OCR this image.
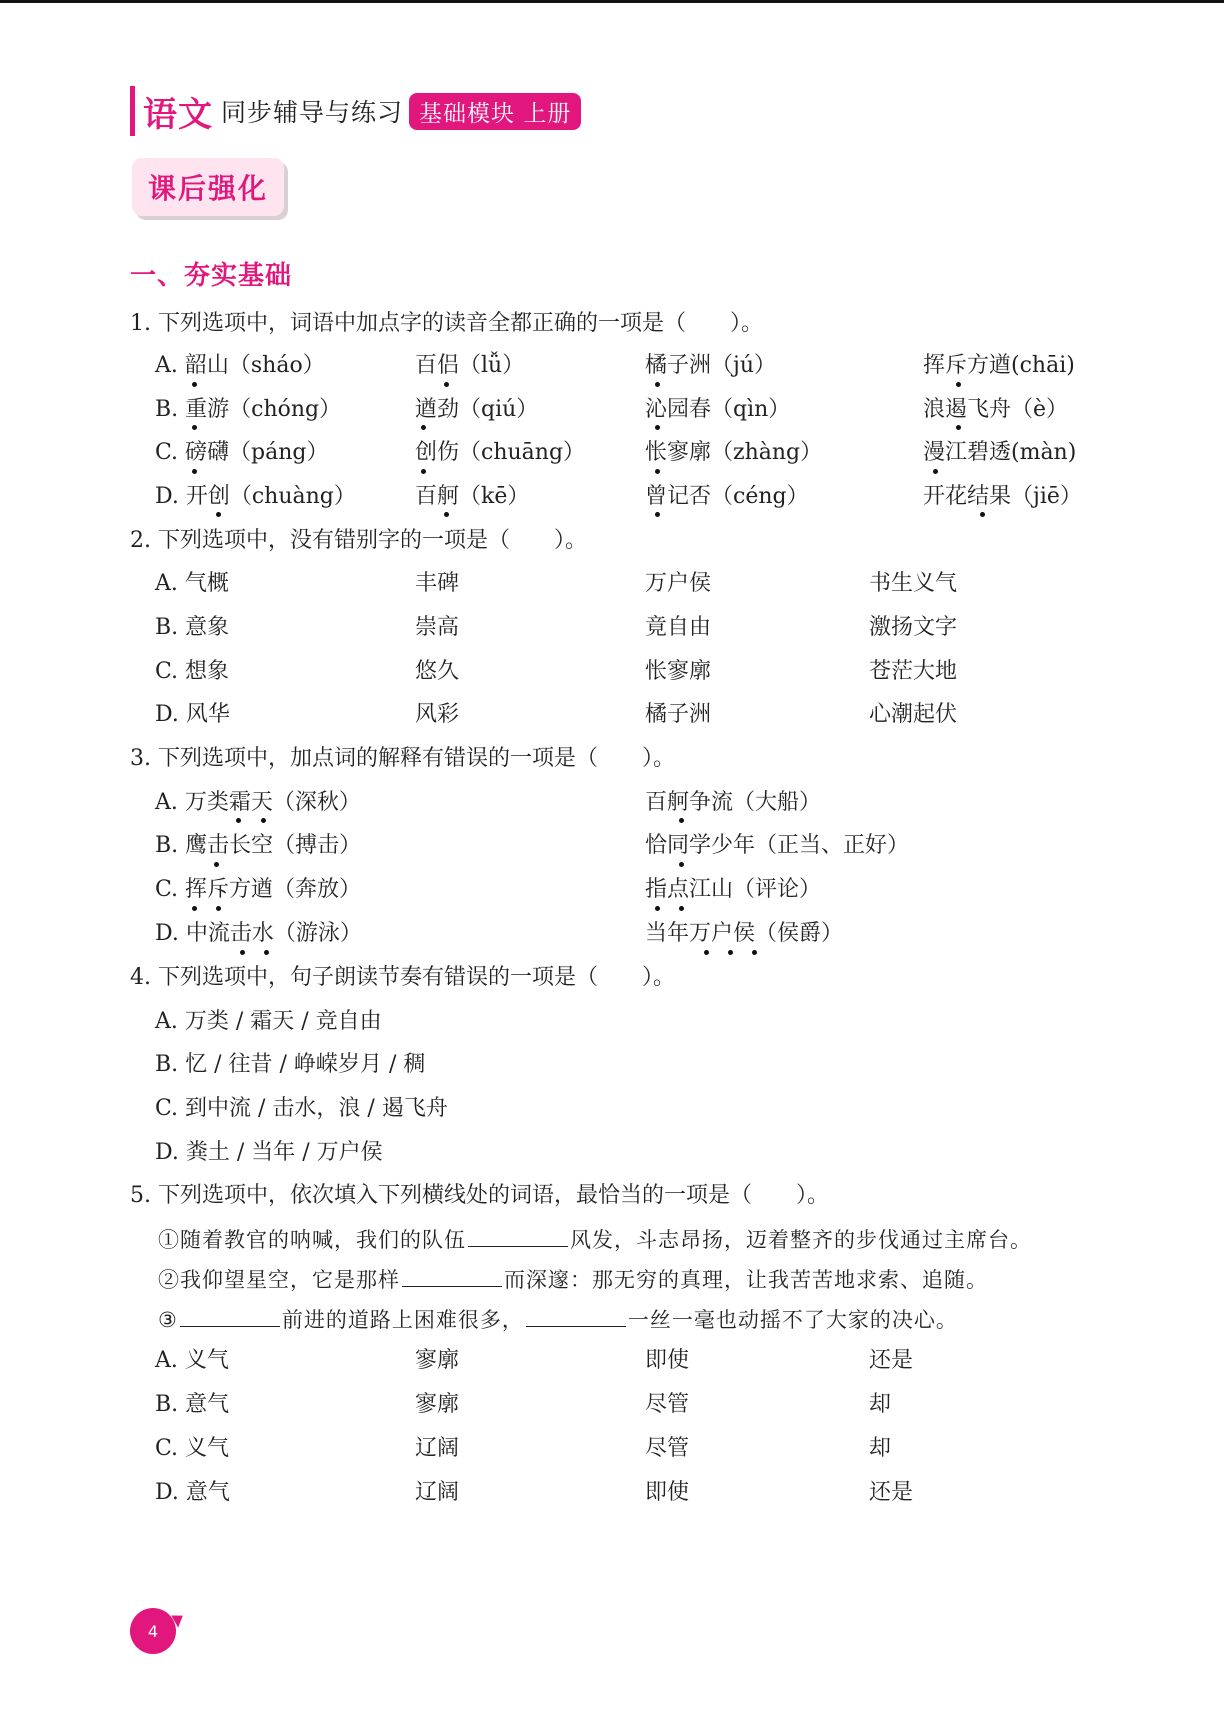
语文 同步辅导与练习 基础模块 上册
课后强化
一、夯实基础
1. 下列选项中，词语中加点字的读音全都正确的一项是（　　）。
A. 韶山（sháo）	百侣（lǚ）	橘子洲（jú）	挥斥方遒(chāi)
B. 重游（chóng）	遒劲（qiú）	沁园春（qìn）	浪遏飞舟（è）
C. 磅礴（páng）	创伤（chuāng）	怅寥廓（zhàng）	漫江碧透(màn)
D. 开创（chuàng）	百舸（kē）	曾记否（céng）	开花结果（jiē）
2. 下列选项中，没有错别字的一项是（　　）。
A. 气概	丰碑	万户侯	书生义气
B. 意象	崇高	竟自由	激扬文字
C. 想象	悠久	怅寥廓	苍茫大地
D. 风华	风彩	橘子洲	心潮起伏
3. 下列选项中，加点词的解释有错误的一项是（　　）。
A. 万类霜天（深秋）	百舸争流（大船）
B. 鹰击长空（搏击）	恰同学少年（正当、正好）
C. 挥斥方遒（奔放）	指点江山（评论）
D. 中流击水（游泳）	当年万户侯（侯爵）
4. 下列选项中，句子朗读节奏有错误的一项是（　　）。
A. 万类 / 霜天 / 竞自由
B. 忆 / 往昔 / 峥嵘岁月 / 稠
C. 到中流 / 击水，浪 / 遏飞舟
D. 粪土 / 当年 / 万户侯
5. 下列选项中，依次填入下列横线处的词语，最恰当的一项是（　　）。
①随着教官的呐喊，我们的队伍	风发，斗志昂扬，迈着整齐的步伐通过主席台。
②我仰望星空，它是那样	而深邃：那无穷的真理，让我苦苦地求索、追随。
③	前进的道路上困难很多，	一丝一毫也动摇不了大家的决心。
A. 义气	寥廓	即使	还是
B. 意气	寥廓	尽管	却
C. 义气	辽阔	尽管	却
D. 意气	辽阔	即使	还是
4
